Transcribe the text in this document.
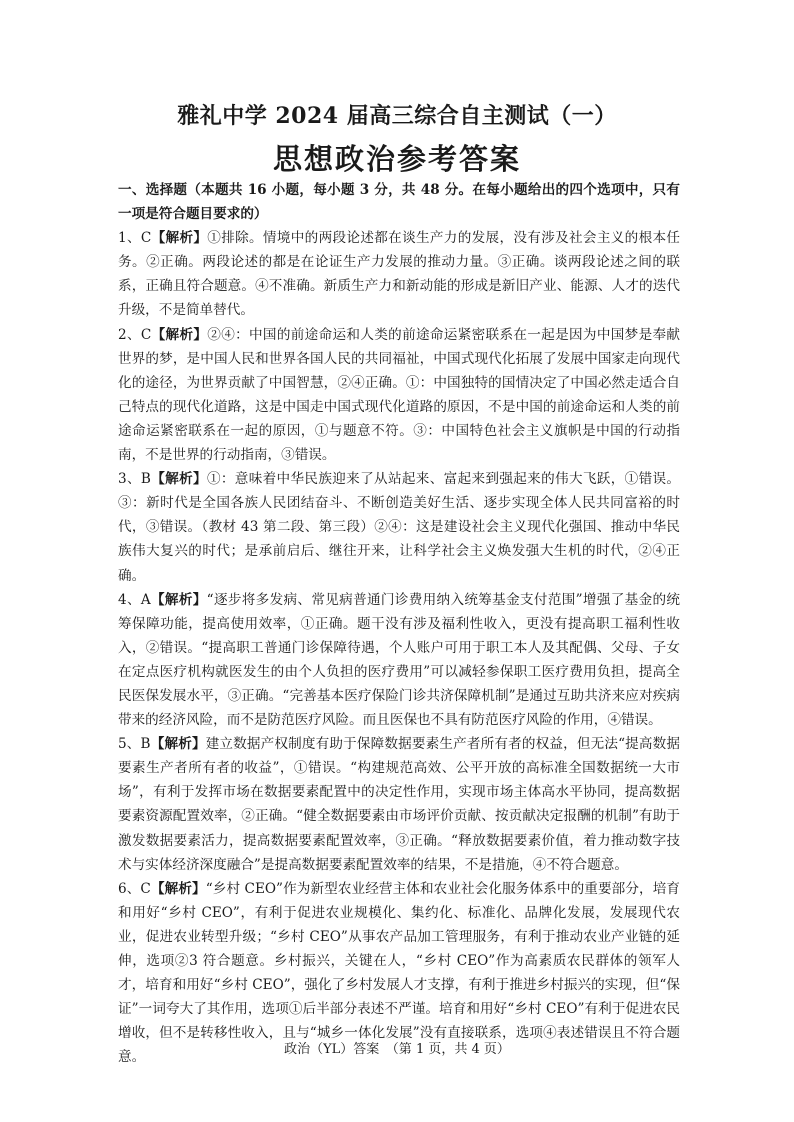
雅礼中学 2024 届高三综合自主测试（一）
思想政治参考答案

一、选择题（本题共 16 小题，每小题 3 分，共 48 分。在每小题给出的四个选项中，只有一项是符合题目要求的）

1、C【解析】①排除。情境中的两段论述都在谈生产力的发展，没有涉及社会主义的根本任务。②正确。两段论述的都是在论证生产力发展的推动力量。③正确。谈两段论述之间的联系，正确且符合题意。④不准确。新质生产力和新动能的形成是新旧产业、能源、人才的迭代升级，不是简单替代。

2、C【解析】②④：中国的前途命运和人类的前途命运紧密联系在一起是因为中国梦是奉献世界的梦，是中国人民和世界各国人民的共同福祉，中国式现代化拓展了发展中国家走向现代化的途径，为世界贡献了中国智慧，②④正确。①：中国独特的国情决定了中国必然走适合自己特点的现代化道路，这是中国走中国式现代化道路的原因，不是中国的前途命运和人类的前途命运紧密联系在一起的原因，①与题意不符。③：中国特色社会主义旗帜是中国的行动指南，不是世界的行动指南，③错误。

3、B【解析】①：意味着中华民族迎来了从站起来、富起来到强起来的伟大飞跃，①错误。③：新时代是全国各族人民团结奋斗、不断创造美好生活、逐步实现全体人民共同富裕的时代，③错误。（教材 43 第二段、第三段）②④：这是建设社会主义现代化强国、推动中华民族伟大复兴的时代；是承前启后、继往开来，让科学社会主义焕发强大生机的时代，②④正确。

4、A【解析】“逐步将多发病、常见病普通门诊费用纳入统筹基金支付范围”增强了基金的统筹保障功能，提高使用效率，①正确。题干没有涉及福利性收入，更没有提高职工福利性收入，②错误。“提高职工普通门诊保障待遇，个人账户可用于职工本人及其配偶、父母、子女在定点医疗机构就医发生的由个人负担的医疗费用”可以减轻参保职工医疗费用负担，提高全民医保发展水平，③正确。“完善基本医疗保险门诊共济保障机制”是通过互助共济来应对疾病带来的经济风险，而不是防范医疗风险。而且医保也不具有防范医疗风险的作用，④错误。

5、B【解析】建立数据产权制度有助于保障数据要素生产者所有者的权益，但无法“提高数据要素生产者所有者的收益”，①错误。“构建规范高效、公平开放的高标准全国数据统一大市场”，有利于发挥市场在数据要素配置中的决定性作用，实现市场主体高水平协同，提高数据要素资源配置效率，②正确。“健全数据要素由市场评价贡献、按贡献决定报酬的机制”有助于激发数据要素活力，提高数据要素配置效率，③正确。“释放数据要素价值，着力推动数字技术与实体经济深度融合”是提高数据要素配置效率的结果，不是措施，④不符合题意。

6、C【解析】“乡村 CEO”作为新型农业经营主体和农业社会化服务体系中的重要部分，培育和用好“乡村 CEO”，有利于促进农业规模化、集约化、标准化、品牌化发展，发展现代农业，促进农业转型升级；“乡村 CEO”从事农产品加工管理服务，有利于推动农业产业链的延伸，选项②3 符合题意。乡村振兴，关键在人，“乡村 CEO”作为高素质农民群体的领军人才，培育和用好“乡村 CEO”，强化了乡村发展人才支撑，有利于推进乡村振兴的实现，但“保证”一词夸大了其作用，选项①后半部分表述不严谨。培育和用好“乡村 CEO”有利于促进农民增收，但不是转移性收入，且与“城乡一体化发展”没有直接联系，选项④表述错误且不符合题意。	政治（YL）答案　（第 1 页，共 4 页）
